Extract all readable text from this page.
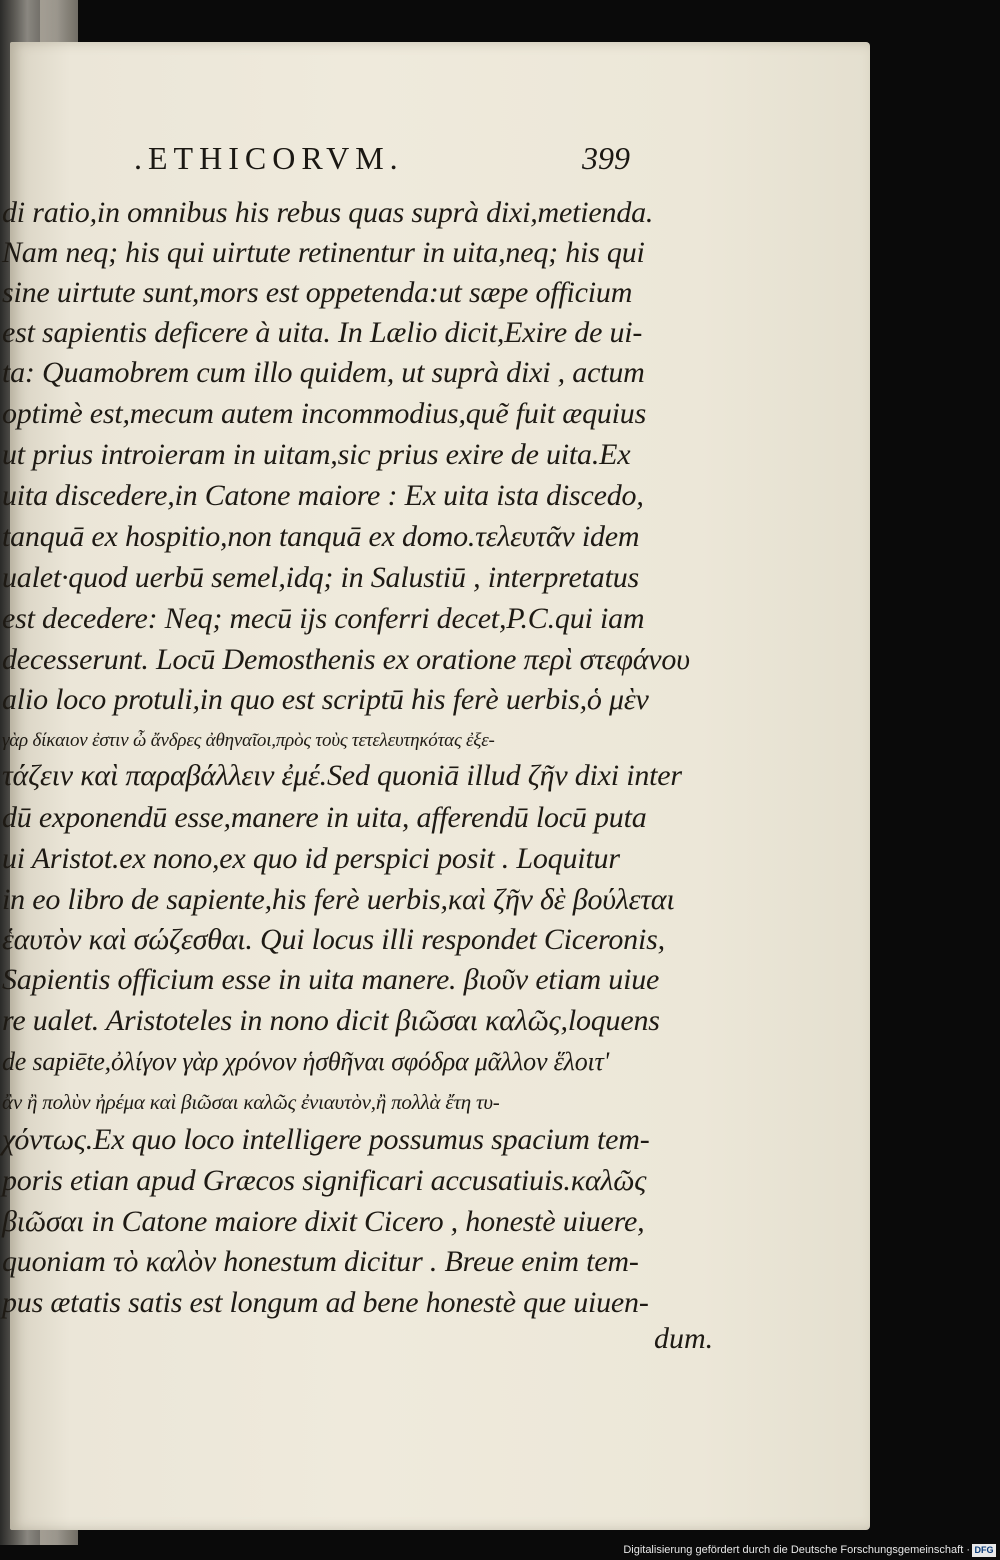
.ETHICORVM.	399
di ratio,in omnibus his rebus quas suprà dixi,metienda.
Nam neq; his qui uirtute retinentur in uita,neq; his qui
sine uirtute sunt,mors est oppetenda:ut sæpe officium
est sapientis deficere à uita. In Lælio dicit,Exire de ui-
ta: Quamobrem cum illo quidem, ut suprà dixi , actum
optimè est,mecum autem incommodius,quẽ fuit æquius
ut prius introieram in uitam,sic prius exire de uita.Ex
uita discedere,in Catone maiore : Ex uita ista discedo,
tanquā ex hospitio,non tanquā ex domo.τελευτᾶν idem
ualet·quod uerbū semel,idq; in Salustiū , interpretatus
est decedere: Neq; mecū ijs conferri decet,P.C.qui iam
decesserunt. Locū Demosthenis ex oratione περὶ στεφάνου
alio loco protuli,in quo est scriptū his ferè uerbis,ὁ μὲν
γὰρ δίκαιον ἐστιν ὦ ἄνδρες ἀθηναῖοι,πρὸς τοὺς τετελευτηκότας ἐξε-
τάζειν καὶ παραβάλλειν ἐμέ.Sed quoniā illud ζῆν dixi inter
dū exponendū esse,manere in uita, afferendū locū puta
ui Aristot.ex nono,ex quo id perspici posit . Loquitur
in eo libro de sapiente,his ferè uerbis,καὶ ζῆν δὲ βούλεται
ἑαυτὸν καὶ σώζεσθαι. Qui locus illi respondet Ciceronis,
Sapientis officium esse in uita manere. βιοῦν etiam uiue
re ualet. Aristoteles in nono dicit βιῶσαι καλῶς,loquens
de sapiēte,ὀλίγον γὰρ χρόνον ἡσθῆναι σφόδρα μᾶλλον ἕλοιτ'
ἂν ἢ πολὺν ἠρέμα καὶ βιῶσαι καλῶς ἐνιαυτὸν,ἢ πολλὰ ἔτη τυ-
χόντως.Ex quo loco intelligere possumus spacium tem-
poris etian apud Græcos significari accusatiuis.καλῶς
βιῶσαι in Catone maiore dixit Cicero , honestè uiuere,
quoniam τὸ καλὸν honestum dicitur . Breue enim tem-
pus ætatis satis est longum ad bene honestè que uiuen-
dum.
Digitalisierung gefördert durch die Deutsche Forschungsgemeinschaft · DFG
